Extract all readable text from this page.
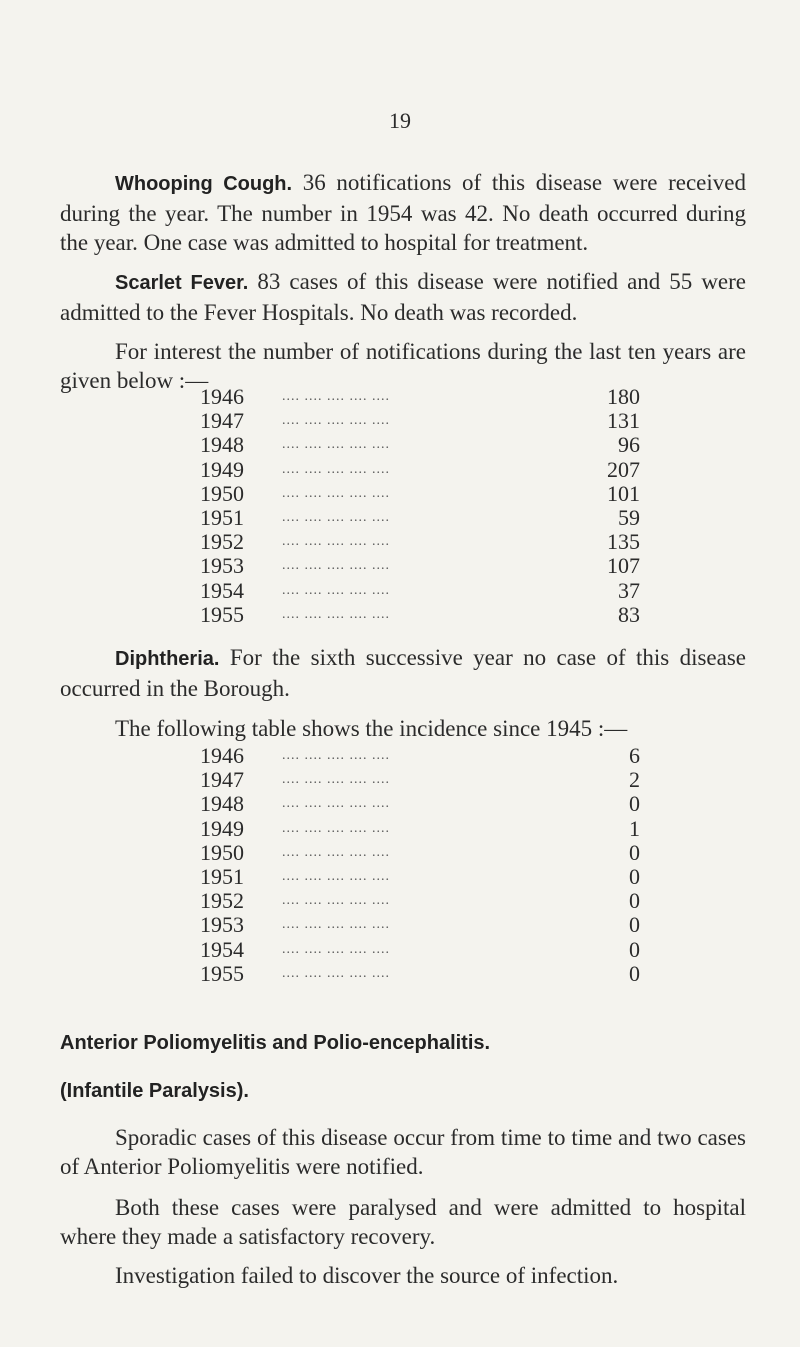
19

Whooping Cough. 36 notifications of this disease were received during the year. The number in 1954 was 42. No death occurred during the year. One case was admitted to hospital for treatment.

Scarlet Fever. 83 cases of this disease were notified and 55 were admitted to the Fever Hospitals. No death was recorded.

For interest the number of notifications during the last ten years are given below :—

1946	.... .... .... .... ....	180
1947	.... .... .... .... ....	131
1948	.... .... .... .... ....	96
1949	.... .... .... .... ....	207
1950	.... .... .... .... ....	101
1951	.... .... .... .... ....	59
1952	.... .... .... .... ....	135
1953	.... .... .... .... ....	107
1954	.... .... .... .... ....	37
1955	.... .... .... .... ....	83

Diphtheria. For the sixth successive year no case of this disease occurred in the Borough.

The following table shows the incidence since 1945 :—

1946	.... .... .... .... ....	6
1947	.... .... .... .... ....	2
1948	.... .... .... .... ....	0
1949	.... .... .... .... ....	1
1950	.... .... .... .... ....	0
1951	.... .... .... .... ....	0
1952	.... .... .... .... ....	0
1953	.... .... .... .... ....	0
1954	.... .... .... .... ....	0
1955	.... .... .... .... ....	0
Anterior Poliomyelitis and Polio-encephalitis.
(Infantile Paralysis).

Sporadic cases of this disease occur from time to time and two cases of Anterior Poliomyelitis were notified.

Both these cases were paralysed and were admitted to hospital where they made a satisfactory recovery.

Investigation failed to discover the source of infection.
